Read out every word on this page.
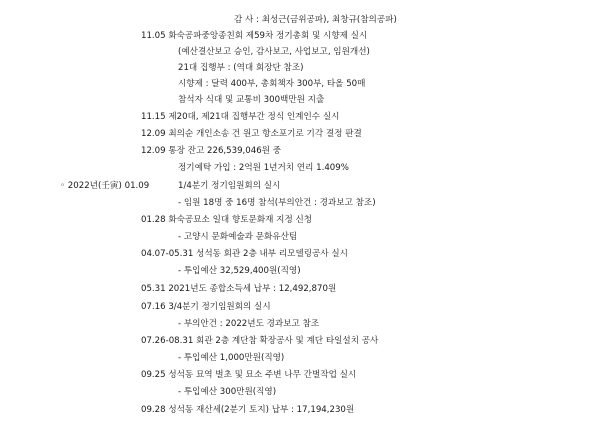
감 사 : 최성근(금위공파), 최창규(참의공파)
11.05 화숙공파중앙종친회 제59차 정기총회 및 시향제 실시
(예산결산보고 승인, 감사보고, 사업보고, 임원개선)
21대 집행부 : (역대 회장단 참조)
시향제 : 달력 400부, 총회책자 300부, 타올 50매
참석자 식대 및 교통비 300백만원 지출
11.15 제20대, 제21대 집행부간 정식 인계인수 실시
12.09 최의순 개인소송 건 원고 항소포기로 기각 결정 판결
12.09 통장 잔고 226,539,046원 중
정기예탁 가입 : 2억원 1년거치 연리 1.409%
◦ 2022년(壬寅) 01.09	1/4분기 정기임원회의 실시
- 임원 18명 중 16명 참석(부의안건 : 경과보고 참조)
01.28 화숙공묘소 일대 향토문화재 지정 신청
- 고양시 문화예술과 문화유산팀
04.07-05.31 성석동 회관 2층 내부 리모델링공사 실시
- 투입예산 32,529,400원(직영)
05.31 2021년도 종합소득세 납부 : 12,492,870원
07.16 3/4분기 정기임원회의 실시
- 부의안건 : 2022년도 경과보고 참조
07.26-08.31 회관 2층 계단참 확장공사 및 계단 타일설치 공사
- 투입예산 1,000만원(직영)
09.25 성석동 묘역 벌초 및 묘소 주변 나무 간벌작업 실시
- 투입예산 300만원(직영)
09.28 성석동 재산세(2분기 토지) 납부 : 17,194,230원
